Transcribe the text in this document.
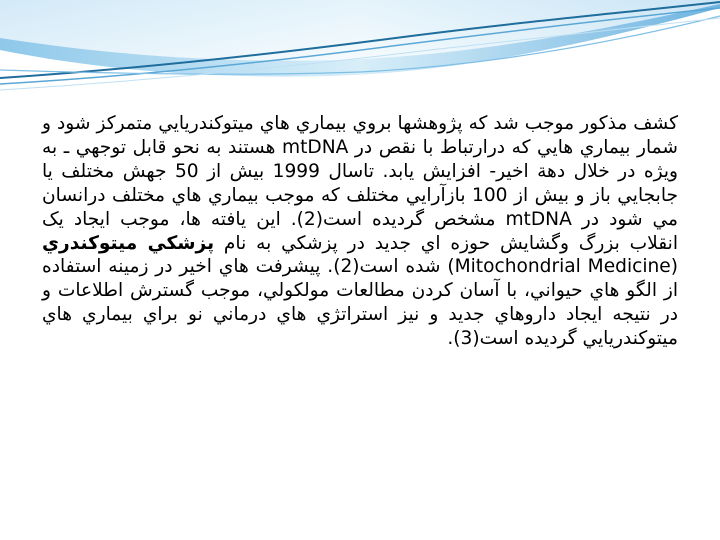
کشف مذکور موجب شد که پژوهشها بروي بيماري هاي ميتوکندريايي متمرکز شود و شمار بيماري هايي که درارتباط با نقص در mtDNA هستند به نحو قابل توجهي ـ به ويژه در خلال دهة اخير- افزايش يابد. تاسال 1999 بيش از 50 جهش مختلف يا جابجايي باز و بيش از 100 بازآرايي مختلف که موجب بيماري هاي مختلف درانسان مي شود در mtDNA مشخص گرديده است(2). اين يافته ها، موجب ايجاد يک انقلاب بزرگ وگشايش حوزه اي جديد در پزشکي به نام پزشکي ميتوکندري (Mitochondrial Medicine) شده است(2). پيشرفت هاي اخير در زمينه استفاده از الگو هاي حيواني، با آسان کردن مطالعات مولکولي، موجب گسترش اطلاعات و در نتيجه ايجاد داروهاي جديد و نيز استراتژي هاي درماني نو براي بيماري هاي ميتوکندريايي گرديده است(3).
